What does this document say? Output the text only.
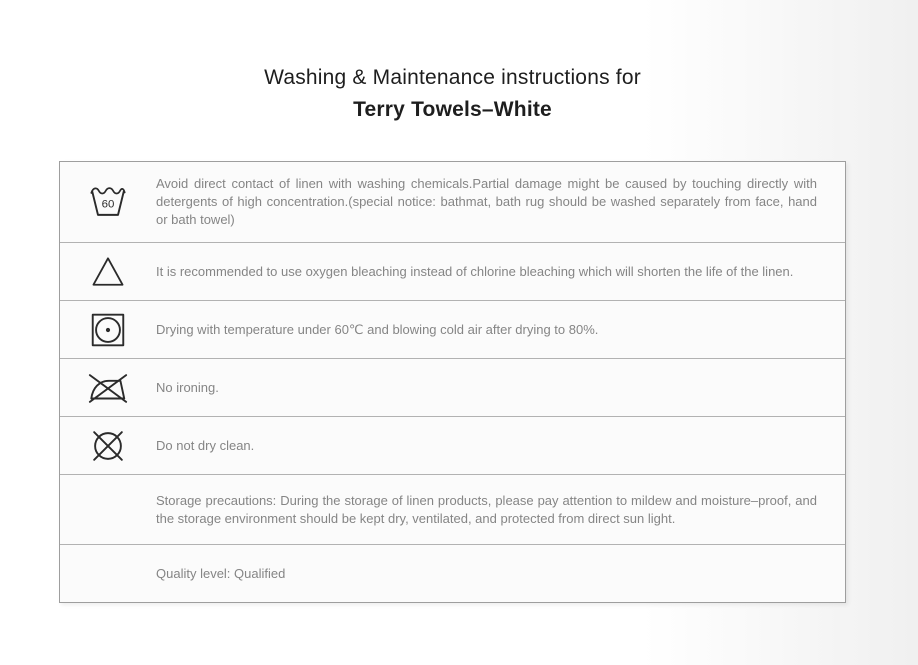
Washing & Maintenance instructions for
Terry Towels–White
60
Avoid direct contact of linen with washing chemicals.Partial damage might be caused by touching directly with detergents of high concentration.(special notice: bathmat, bath rug should be washed separately from face, hand or bath towel)
It is recommended to use oxygen bleaching instead of chlorine bleaching which will shorten the life of the linen.
Drying with temperature under 60℃ and blowing cold air after drying to 80%.
No ironing.
Do not dry clean.
Storage precautions: During the storage of linen products, please pay attention to mildew and moisture–proof, and the storage environment should be kept dry, ventilated, and protected from direct sun light.
Quality level: Qualified
